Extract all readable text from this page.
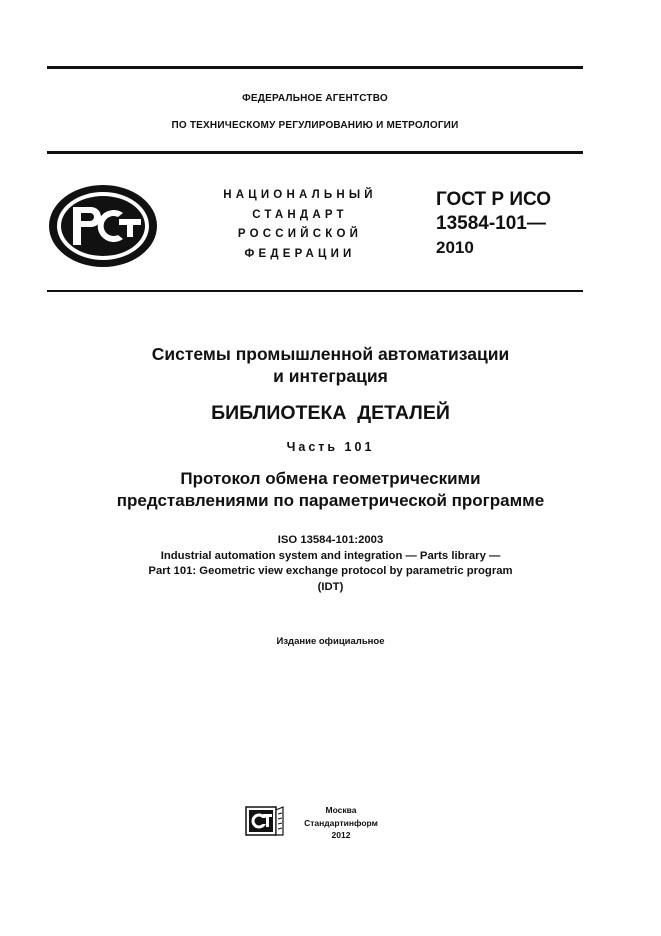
ФЕДЕРАЛЬНОЕ АГЕНТСТВО
ПО ТЕХНИЧЕСКОМУ РЕГУЛИРОВАНИЮ И МЕТРОЛОГИИ
НАЦИОНАЛЬНЫЙ
СТАНДАРТ
РОССИЙСКОЙ
ФЕДЕРАЦИИ
ГОСТ Р ИСО
13584-101—
2010
Системы промышленной автоматизации
и интеграция
БИБЛИОТЕКА  ДЕТАЛЕЙ
Часть 101
Протокол обмена геометрическими
представлениями по параметрической программе
ISO 13584-101:2003
Industrial automation system and integration — Parts library —
Part 101: Geometric view exchange protocol by parametric program
(IDT)
Издание официальное
Москва
Стандартинформ
2012
